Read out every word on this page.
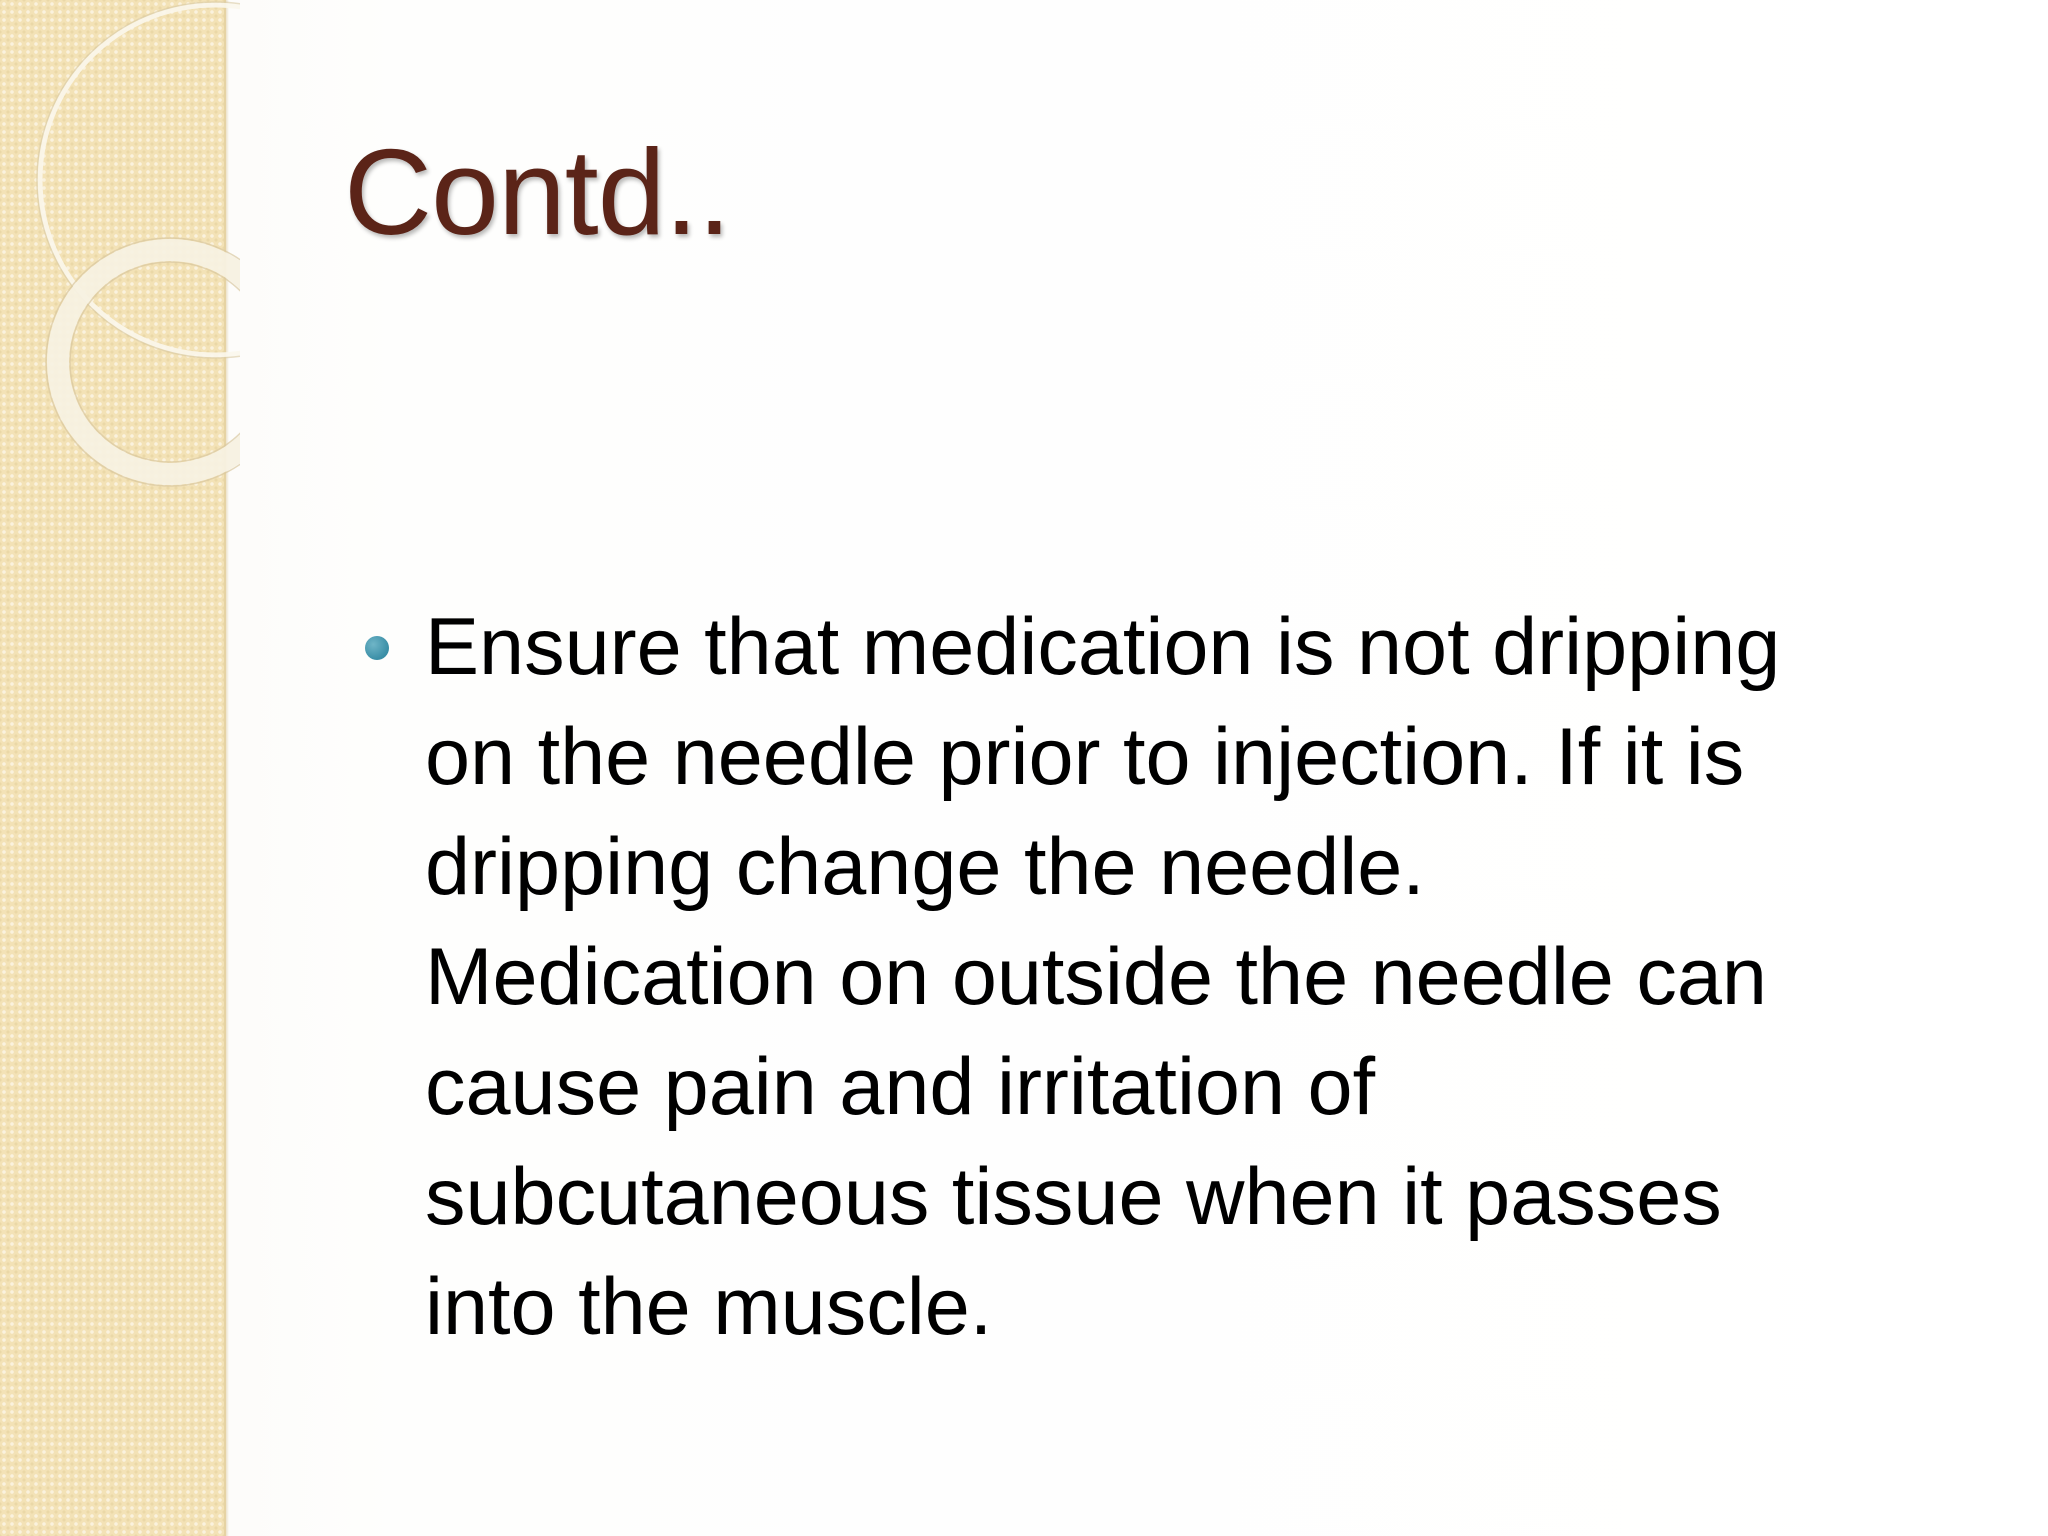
Contd..
Ensure that medication is not dripping
on the needle prior to injection. If it is
dripping change the needle.
Medication on outside the needle can
cause pain and irritation of
subcutaneous tissue when it passes
into the muscle.
